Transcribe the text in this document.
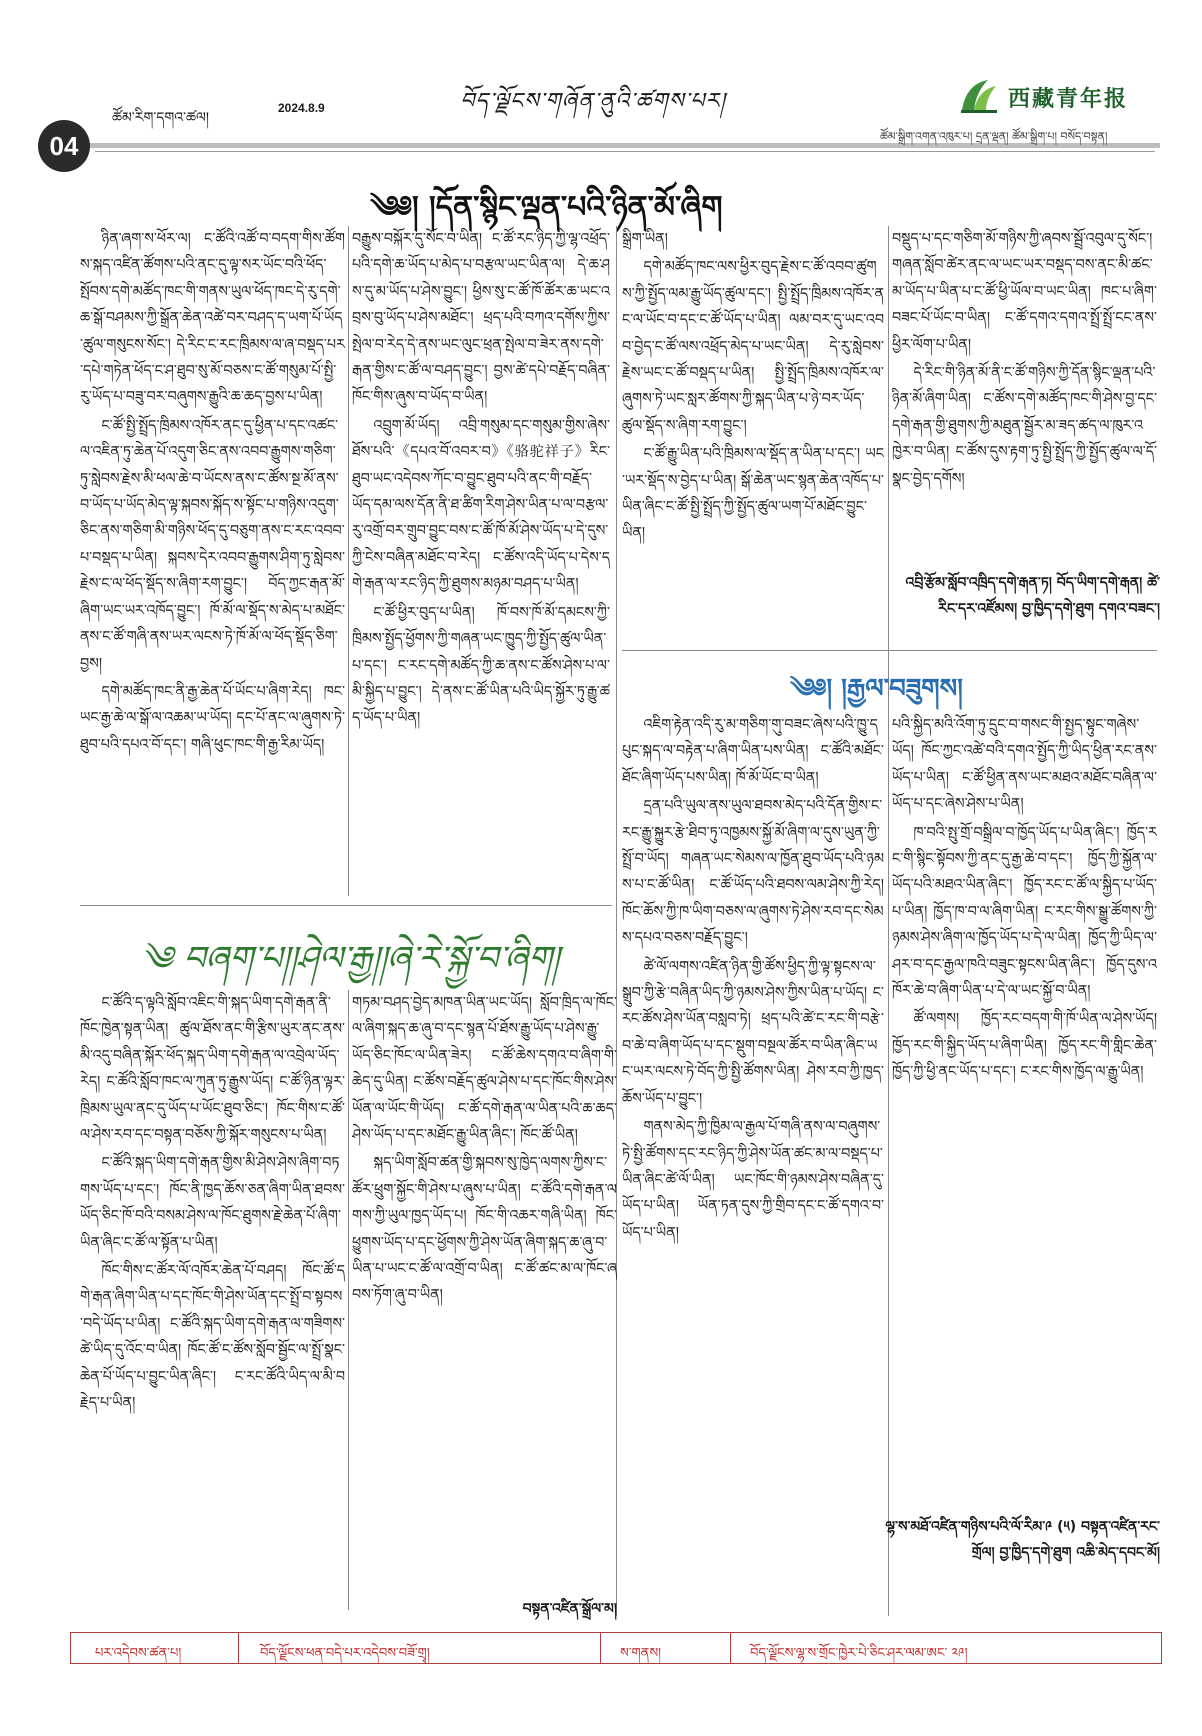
04
ཚོམ་རིག་དགའ་ཚལ།
2024.8.9	བོད་ལྗོངས་གཞོན་ནུའི་ཚགས་པར།	西藏青年报
ཚོམ་སྒྲིག་འགན་འཁུར་པ། དྲན་ལྡན། ཚོམ་སྒྲིག་པ། བསོད་བསྟན།
༄༅། །དོན་སྙིང་ལྡན་པའི་ཉིན་མོ་ཞིག

ཉིན་ཞག་ས་ཕོར་ལ། ང་ཚོའི་འཚོ་བ་བདག་གིས་ཚོགས་སྐད་འཛིན་ཚོགས་པའི་ནང་དུ་ལྟ་སར་ཡོང་བའི་ཕོད་སྤོབས་དགེ་མཚོད་ཁང་གི་གནས་ཡུལ་ཕོད་ཁང་དེ་རུ་དགེ་ཆ་སྒོ་བཤམས་ཀྱི་སྒྲོན་ཆེན་འཚེ་བར་བཤད་ད་ཡག་པོ་ཡོད་ཚུལ་གསུངས་སོང་། དེ་རིང་ང་རང་ཁྲིམས་ལ་ཞ་བསྡད་པར་དཔེ་གཏེན་ཕོད་ང་ཤ་ཐུབ་སུ་མོ་བཅས་ང་ཚོ་གསུམ་པོ་སྤྱི་རུ་ཡོད་པ་བཟུ་བར་བཞུགས་རྒྱུའི་ཆ་ཆད་བྱས་པ་ཡིན།

ང་ཚོ་སྤྱི་སྤྲོད་ཁྲིམས་འཁོར་ནང་དུ་ཕྱིན་པ་དང་འཚང་ལ་འཇིན་ཏུ་ཆེན་པོ་འདུག་ཅིང་ནས་འབབ་རྒྱུགས་གཅིག་ཏུ་སླེབས་རྗེས་མི་ཕལ་ཆེ་བ་ཡོངས་ནས་ང་ཚོས་སྔ་མོ་ནས་བ་ཡོད་པ་ཡོད་མེད་ལྟ་སྐབས་སྐོད་ས་སྟོང་པ་གཉིས་འདུག་ཅིང་ནས་གཅིག་མི་གཉིས་ཕོད་དུ་བཅུག་ནས་ང་རང་འབབ་པ་བསྡད་པ་ཡིན། སྐབས་དེར་འབབ་རྒྱུགས་ཤིག་ཏུ་སླེབས་རྗེས་ང་ལ་ཕོད་སྡོད་ས་ཞིག་རག་བྱུང་། བོད་ཀྱང་རྒན་མོ་ཞིག་ཡང་ཡར་འཁོད་བྱུང་། ཁོ་མོ་ལ་སྡོད་ས་མེད་པ་མཐོང་ནས་ང་ཚོ་གཞི་ནས་ཡར་ལངས་ཏེ་ཁོ་མོ་ལ་ཕོད་སྡོད་ཅིག་བྱས།

དགེ་མཚོད་ཁང་ནི་རྒྱ་ཆེན་པོ་ཡོང་པ་ཞིག་རེད། ཁང་ཡང་རྒྱ་ཆེ་ལ་སྒོ་ལ་འཆམ་ཡ་ཡོད། དང་པོ་ནང་ལ་ཞུགས་ཏེ་ཐུབ་པའི་དཔའ་བོ་དང་། གཞི་ཕུང་ཁང་གི་རྒྱ་རིམ་ཡོད།

བརྒྱུས་བསྐོར་དུ་སོང་བ་ཡིན། ང་ཚོ་རང་ཉིད་ཀྱི་ལྷ་འཕྲོད་པའི་དགེ་ཆ་ཡོད་པ་མེད་པ་བརྩལ་ཡང་ཡིན་ལ། དེ་ཆ་ཤས་དུ་མ་ཡོད་པ་ཤེས་བྱུང་། ཕྱིས་སུ་ང་ཚོ་ཁོ་ཚོར་ཆ་ཡང་འབྲས་བུ་ཡོད་པ་ཤེས་མཐོང་། ཕྲད་པའི་བཀའ་དགོས་ཀྱིས་སྤེལ་བ་རེད་དེ་ནས་ཡང་ལུང་ཕྲན་སྤེལ་བ་ཟེར་ནས་དགེ་རྒན་གྱིས་ང་ཚོ་ལ་བཤད་བྱུང་། བྱས་ཚེ་དཔེ་བརྗོད་བཞིན་ཁོང་གིས་ཞུས་བ་ཡོད་བ་ཡིན།

འབྲུག་མོ་ཡོད། འབྲི་གསུམ་དང་གསུམ་གྱིས་ཞེས་ཐོས་པའི་《དཔའ་བོ་འབར་བ》《骆驼祥子》རིང་ཐུབ་ཡང་འདེབས་ཀོང་བ་བྱུང་ཐུབ་པའི་ནང་གི་བརྗོད་ཡོད་དམ་ལས་དོན་ནི་ཐ་ཚིག་རིག་ཤེས་ཡིན་པ་ལ་བརྩལ་རུ་འགྲོ་བར་གྲུབ་བྱུང་བས་ང་ཚོ་ཁོ་མོ་ཤེས་ཡོད་པ་དེ་དུས་ཀྱི་ངེས་བཞིན་མཐོང་བ་རེད། ང་ཚོས་འདི་ཡོད་པ་དེས་དགེ་རྒན་ལ་རང་ཉིད་ཀྱི་ཐུགས་མཉམ་བཤད་པ་ཡིན།

ང་ཚོ་ཕྱིར་བུད་པ་ཡིན། ཁོ་བས་ཁོ་མོ་དམངས་ཀྱི་ཁྲིམས་སྤྱོད་ཕྱོགས་ཀྱི་གཞན་ཡང་ཁྱུད་ཀྱི་སྤྱོད་ཚུལ་ཡིན་པ་དང་། ང་རང་དགེ་མཚོད་ཀྱི་ཆ་ནས་ང་ཚོས་ཤེས་པ་ལ་མི་སྐྱིད་པ་བྱུང་། དེ་ནས་ང་ཚོ་ཡིན་པའི་ཡིད་སྐྱོར་ཏུ་རྒྱུ་ཚད་ཡོད་པ་ཡིན།

སྒྲིག་ཡིན།

དགེ་མཚོད་ཁང་ལས་ཕྱིར་བུད་རྗེས་ང་ཚོ་འབབ་ཚུགས་ཀྱི་སྤྱོད་ལམ་རྒྱུ་ཡོད་ཚུལ་དང་། སྤྱི་སྤྲོད་ཁྲིམས་འཁོར་ནང་ལ་ཡོང་བ་དང་ང་ཚོ་ཡོད་པ་ཡིན། ལམ་བར་དུ་ཡང་འབབ་བྱེད་ང་ཚོ་ལས་འཕྲོད་མེད་པ་ཡང་ཡིན། དེ་རུ་སླེབས་རྗེས་ཡང་ང་ཚོ་བསྡད་པ་ཡིན། སྤྱི་སྤྲོད་ཁྲིམས་འཁོར་ལ་ཞུགས་ཏེ་ཡང་སླར་ཚོགས་ཀྱི་སྐད་ཡིན་པ་ཉེ་བར་ཡོད་ཚུལ་སྡོད་ས་ཞིག་རག་བྱུང་།

ང་ཚོ་རྒྱུ་ཡིན་པའི་ཁྲིམས་ལ་སྡོད་ན་ཡིན་པ་དང་། ཡང་ཡར་སྡོད་ས་བྱེད་པ་ཡིན། སྒོ་ཆེན་ཡང་སྙན་ཆེན་འཁོད་པ་ཡིན་ཞིང་ང་ཚོ་སྤྱི་སྤྲོད་ཀྱི་སྤྱོད་ཚུལ་ཡག་པོ་མཐོང་བྱུང་ཡིན།

བསྡུད་པ་དང་གཅིག་མོ་གཉིས་ཀྱི་ཞབས་སྦྲོ་འབུལ་དུ་སོང་། གཞན་སློབ་ཚེར་ནང་ལ་ཡང་ཡར་བསྡད་བས་ནང་མི་ཚང་མ་ཡོད་པ་ཡིན་པ་ང་ཚོ་ཕྱི་ཡོལ་བ་ཡང་ཡིན། ཁང་པ་ཞིག་བཟང་པོ་ཡོང་བ་ཡིན། ང་ཚོ་དགའ་དགའ་སྤྲོ་སྤྲོ་ངང་ནས་ཕྱིར་ལོག་པ་ཡིན།

དེ་རིང་གི་ཉིན་མོ་ནི་ང་ཚོ་གཉིས་ཀྱི་དོན་སྙིང་ལྡན་པའི་ཉིན་མོ་ཞིག་ཡིན། ང་ཚོས་དགེ་མཚོད་ཁང་གི་ཤེས་བྱ་དང་དགེ་རྒན་གྱི་ཐུགས་ཀྱི་མཐུན་སྦྱོར་མ་ཟད་ཚད་ལ་ཁུར་འཁྱེར་བ་ཡིན། ང་ཚོས་དུས་རྟག་ཏུ་སྤྱི་སྤྲོད་ཀྱི་སྤྱོད་ཚུལ་ལ་དོ་སྣང་བྱེད་དགོས།

འབྲི་རྩོམ་སློབ་འཁྲིད་དགེ་རྒན་ཏ། བོད་ཡིག་དགེ་རྒན། ཚེ་རིང་དར་འཛོམས། བྱ་ཁྱིད་དགེ་ཐུག དགའ་བཟང་།
༄ བཞག་པ།།ཤེལ་རྒྱ།།ཞེ་རེ་སྐྱོ་བ་ཞིག།

ང་ཚོའི་ད་ལྟའི་སློབ་འཇིང་གི་སྐད་ཡིག་དགེ་རྒན་ནི་ཁོང་ཁྱེན་སྟན་ཡིན། ཚུལ་ཐོས་ནང་གི་རྩིས་ཡུར་ནང་ནས་མི་འདུ་བཞིན་སྐོར་ཕོད་སྐད་ཡིག་དགེ་རྒན་ལ་འབྲེལ་ཡོད་རེད། ང་ཚོའི་སློབ་ཁང་ལ་ཀུན་ཏུ་རྒྱུས་ཡོད། ང་ཚོ་ཉིན་ལྟར་ཁྲིམས་ཡུལ་ནང་དུ་ཡོད་པ་ཡོང་ཐུབ་ཅིང་། ཁོང་གིས་ང་ཚོ་ལ་ཤེས་རབ་དང་བསྟན་བཅོས་ཀྱི་སྐོར་གསུངས་པ་ཡིན།

ང་ཚོའི་སྐད་ཡིག་དགེ་རྒན་གྱིས་མི་ཤེས་ཤེས་ཞིག་བཏགས་ཡོད་པ་དང་། ཁོང་ནི་ཁྱད་ཆོས་ཅན་ཞིག་ཡིན་ཐབས་ཡོད་ཅིང་ཁོ་བའི་བསམ་ཤེས་ལ་ཁོང་ཐུགས་རྗེ་ཆེན་པོ་ཞིག་ཡིན་ཞིང་ང་ཚོ་ལ་སྟོན་པ་ཡིན།

ཁོང་གིས་ང་ཚོར་ལོ་འཁོར་ཆེན་པོ་བཤད། ཁོང་ཚོ་དགེ་རྒན་ཞིག་ཡིན་པ་དང་ཁོང་གི་ཤེས་ཡོན་དང་སྤྲོ་བ་སྟབས་བདེ་ཡོད་པ་ཡིན། ང་ཚོའི་སྐད་ཡིག་དགེ་རྒན་ལ་གཟིགས་ཚེ་ཡིད་དུ་འོང་བ་ཡིན། ཁོང་ཚོ་ང་ཚོས་སློབ་སྦྱོང་ལ་སྤྲོ་སྣང་ཆེན་པོ་ཡོད་པ་བྱུང་ཡིན་ཞིང་། ང་རང་ཚོའི་ཡིད་ལ་མི་བརྗེད་པ་ཡིན།

གཏམ་བཤད་བྱེད་མཁན་ཡིན་ཡང་ཡོད། སློབ་ཁྲིད་ལ་ཁོང་ལ་ཞིག་སྐད་ཆ་ཞུ་བ་དང་སྙན་པོ་ཐོས་རྒྱུ་ཡོད་པ་ཤེས་རྒྱུ་ཡོད་ཅིང་ཁོང་ལ་ཡིན་ཟེར། ང་ཚོ་ཆེས་དགའ་བ་ཞིག་གི་ཆེད་དུ་ཡིན། ང་ཚོས་བརྗོད་ཚུལ་ཤེས་པ་དང་ཁོང་གིས་ཤེས་ཡོན་ལ་ཡོང་གི་ཡོད། ང་ཚོ་དགེ་རྒན་ལ་ཡིན་པའི་ཆ་ཆད་ཤེས་ཡོད་པ་དང་མཐོང་རྒྱུ་ཡིན་ཞིང་། ཁོང་ཚོ་ཡིན།

སྐད་ཡིག་སློབ་ཚན་གྱི་སྐབས་སུ་ཁྱེད་ལགས་ཀྱིས་ང་ཚོར་ཕྲུག་སྐྱོང་གི་ཤེས་པ་ཞུས་པ་ཡིན། ང་ཚོའི་དགེ་རྒན་ལགས་ཀྱི་ཡུལ་ཁྱད་ཡོད་པ། ཁོང་གི་འཆར་གཞི་ཡིན། ཁོང་ཕྱུགས་ཡོད་པ་དང་ཕྱོགས་ཀྱི་ཤེས་ཡོན་ཞིག་སྐད་ཆ་ཞུ་བ་ཡིན་པ་ཡང་ང་ཚོ་ལ་འགྲོ་བ་ཡིན། ང་ཚོ་ཚང་མ་ལ་ཁོང་ཞབས་ཏོག་ཞུ་བ་ཡིན།

བསྟན་འཛིན་སྒྲོལ་མ།
༄༅། །རྒྱལ་བཟུགས།

འཇིག་རྟེན་འདི་རུ་མ་གཅིག་གུ་བཟང་ཞེས་པའི་ཁྱུ་དཔུང་སྐད་ལ་བརྟེན་པ་ཞིག་ཡིན་པས་ཡིན། ང་ཚོའི་མཐོང་ཐོང་ཞིག་ཡོད་པས་ཡིན། ཁོ་མོ་ཡོང་བ་ཡིན།

དྲན་པའི་ཡུལ་ནས་ཡུལ་ཐབས་མེད་པའི་དོན་གྱིས་ང་རང་རྒྱུ་སྐྱུར་རྩེ་ཐིབ་ཏུ་འཁྱམས་སྐྱོ་མོ་ཞིག་ལ་དུས་ཡུན་ཀྱི་སྤྲོ་བ་ཡོད། གཞན་ཡང་སེམས་ལ་ཁྱོན་ཐུབ་ཡོད་པའི་ཉམས་པ་ང་ཚོ་ཡིན། ང་ཚོ་ཡོད་པའི་ཐབས་ལམ་ཤེས་ཀྱི་རེད། ཁོང་ཆོས་ཀྱི་ཁ་ཡིག་བཅས་ལ་ཞུགས་ཏེ་ཤེས་རབ་དང་སེམས་དཔའ་བཅས་བརྗོད་བྱུང་།

ཚེ་ལོ་ལགས་འཛིན་ཉིན་གྱི་ཚོས་ཕྱིད་ཀྱི་ལྟ་སྟངས་ལ་སྒྲུབ་ཀྱི་རྩེ་བཞིན་ཡིད་ཀྱི་ཉམས་ཤེས་ཀྱིས་ཡིན་པ་ཡོད། ང་རང་ཚོས་ཤེས་ཡོན་བསླབ་ཏེ། ཕྲད་པའི་ཚེ་ང་རང་གི་བརྩེ་བ་ཆེ་བ་ཞིག་ཡོད་པ་དང་སྡུག་བསྔལ་ཚོར་བ་ཡིན་ཞིང་ཡང་ཡར་ལངས་ཏེ་བོད་ཀྱི་སྤྱི་ཚོགས་ཡིན། ཤེས་རབ་ཀྱི་ཁྱད་ཆོས་ཡོད་པ་བྱུང་།

གནས་མེད་ཀྱི་ཁྱིམ་ལ་རྒྱལ་པོ་གཞི་ནས་ལ་བཞུགས་ཏེ་སྤྱི་ཚོགས་དང་རང་ཉིད་ཀྱི་ཤེས་ཡོན་ཚང་མ་ལ་བསྡད་པ་ཡིན་ཞིང་ཚེ་ལོ་ཡིན། ཡང་ཁོང་གི་ཉམས་ཤེས་བཞིན་དུ་ཡོད་པ་ཡིན། ཡོན་ཏན་དུས་ཀྱི་གྲིབ་དང་ང་ཚོ་དགའ་བ་ཡོད་པ་ཡིན།

པའི་སྐྱིད་མའི་འོག་ཏུ་དྲུང་བ་གསང་གི་སྤྱད་སྟུང་གཞེས་ཡོད། ཁོང་ཀྱང་འཚེ་བའི་དགའ་སྤྱོད་ཀྱི་ཡིད་ཕྱིན་རང་ནས་ཡོད་པ་ཡིན། ང་ཚོ་ཕྱིན་ནས་ཡང་མཐའ་མཐོང་བཞིན་ལ་ཡོད་པ་དང་ཞེས་ཤེས་པ་ཡིན།

ཁ་བའི་སྤུ་གྲོ་བསྒྲིལ་བ་ཁྱོད་ཡོད་པ་ཡིན་ཞིང་། ཁྱོད་རང་གི་སྙིང་སྟོབས་ཀྱི་ནང་དུ་རྒྱ་ཆེ་བ་དང་། ཁྱོད་ཀྱི་སྐྱོན་ལ་ཡོད་པའི་མཐའ་ཡིན་ཞིང་། ཁྱོད་རང་ང་ཚོ་ལ་སྐྱིད་པ་ཡོད་པ་ཡིན། ཁྱོད་ཁ་བ་ལ་ཞིག་ཡིན། ང་རང་གིས་སྒྱུ་ཚོགས་ཀྱི་ཉམས་ཤེས་ཞིག་ལ་ཁྱོད་ཡོད་པ་དེ་ལ་ཡིན། ཁྱོད་ཀྱི་ཡིད་ལ་ཤར་བ་དང་རྒྱལ་ཁའི་བཟུང་སྟངས་ཡིན་ཞིང་། ཁྱོད་དུས་འཁོར་ཆེ་བ་ཞིག་ཡིན་པ་དེ་ལ་ཡང་སྐྱོ་བ་ཡིན།

ཚོ་ལགས། ཁྱོད་རང་བདག་གི་ཁོ་ཡིན་ལ་ཤེས་ཡོད། ཁྱོད་རང་གི་སྐྱིད་ཡོད་པ་ཞིག་ཡིན། ཁྱོད་རང་གི་གླིང་ཆེན་ཁྱོད་ཀྱི་ཕྱི་ནང་ཡོད་པ་དང་། ང་རང་གིས་ཁྱོད་ལ་རྒྱུ་ཡིན།

ལྷ་ས་མཐོ་འཛིན་གཉིས་པའི་ལོ་རིམ་༩ (༥) བསྟན་འཛིན་རང་གྲོལ། བྱ་ཁྱིད་དགེ་ཐུག འཆི་མེད་དབང་མོ།
པར་འདེབས་ཚན་པ།	བོད་ལྗོངས་ཕན་བདེ་པར་འདེབས་བཟོ་གྲྭ།	ས་གནས།	བོད་ལྗོངས་ལྷ་ས་གྲོང་ཁྱེར་པེ་ཅིང་ཤར་ལམ་ཨང་ ༢༩།
